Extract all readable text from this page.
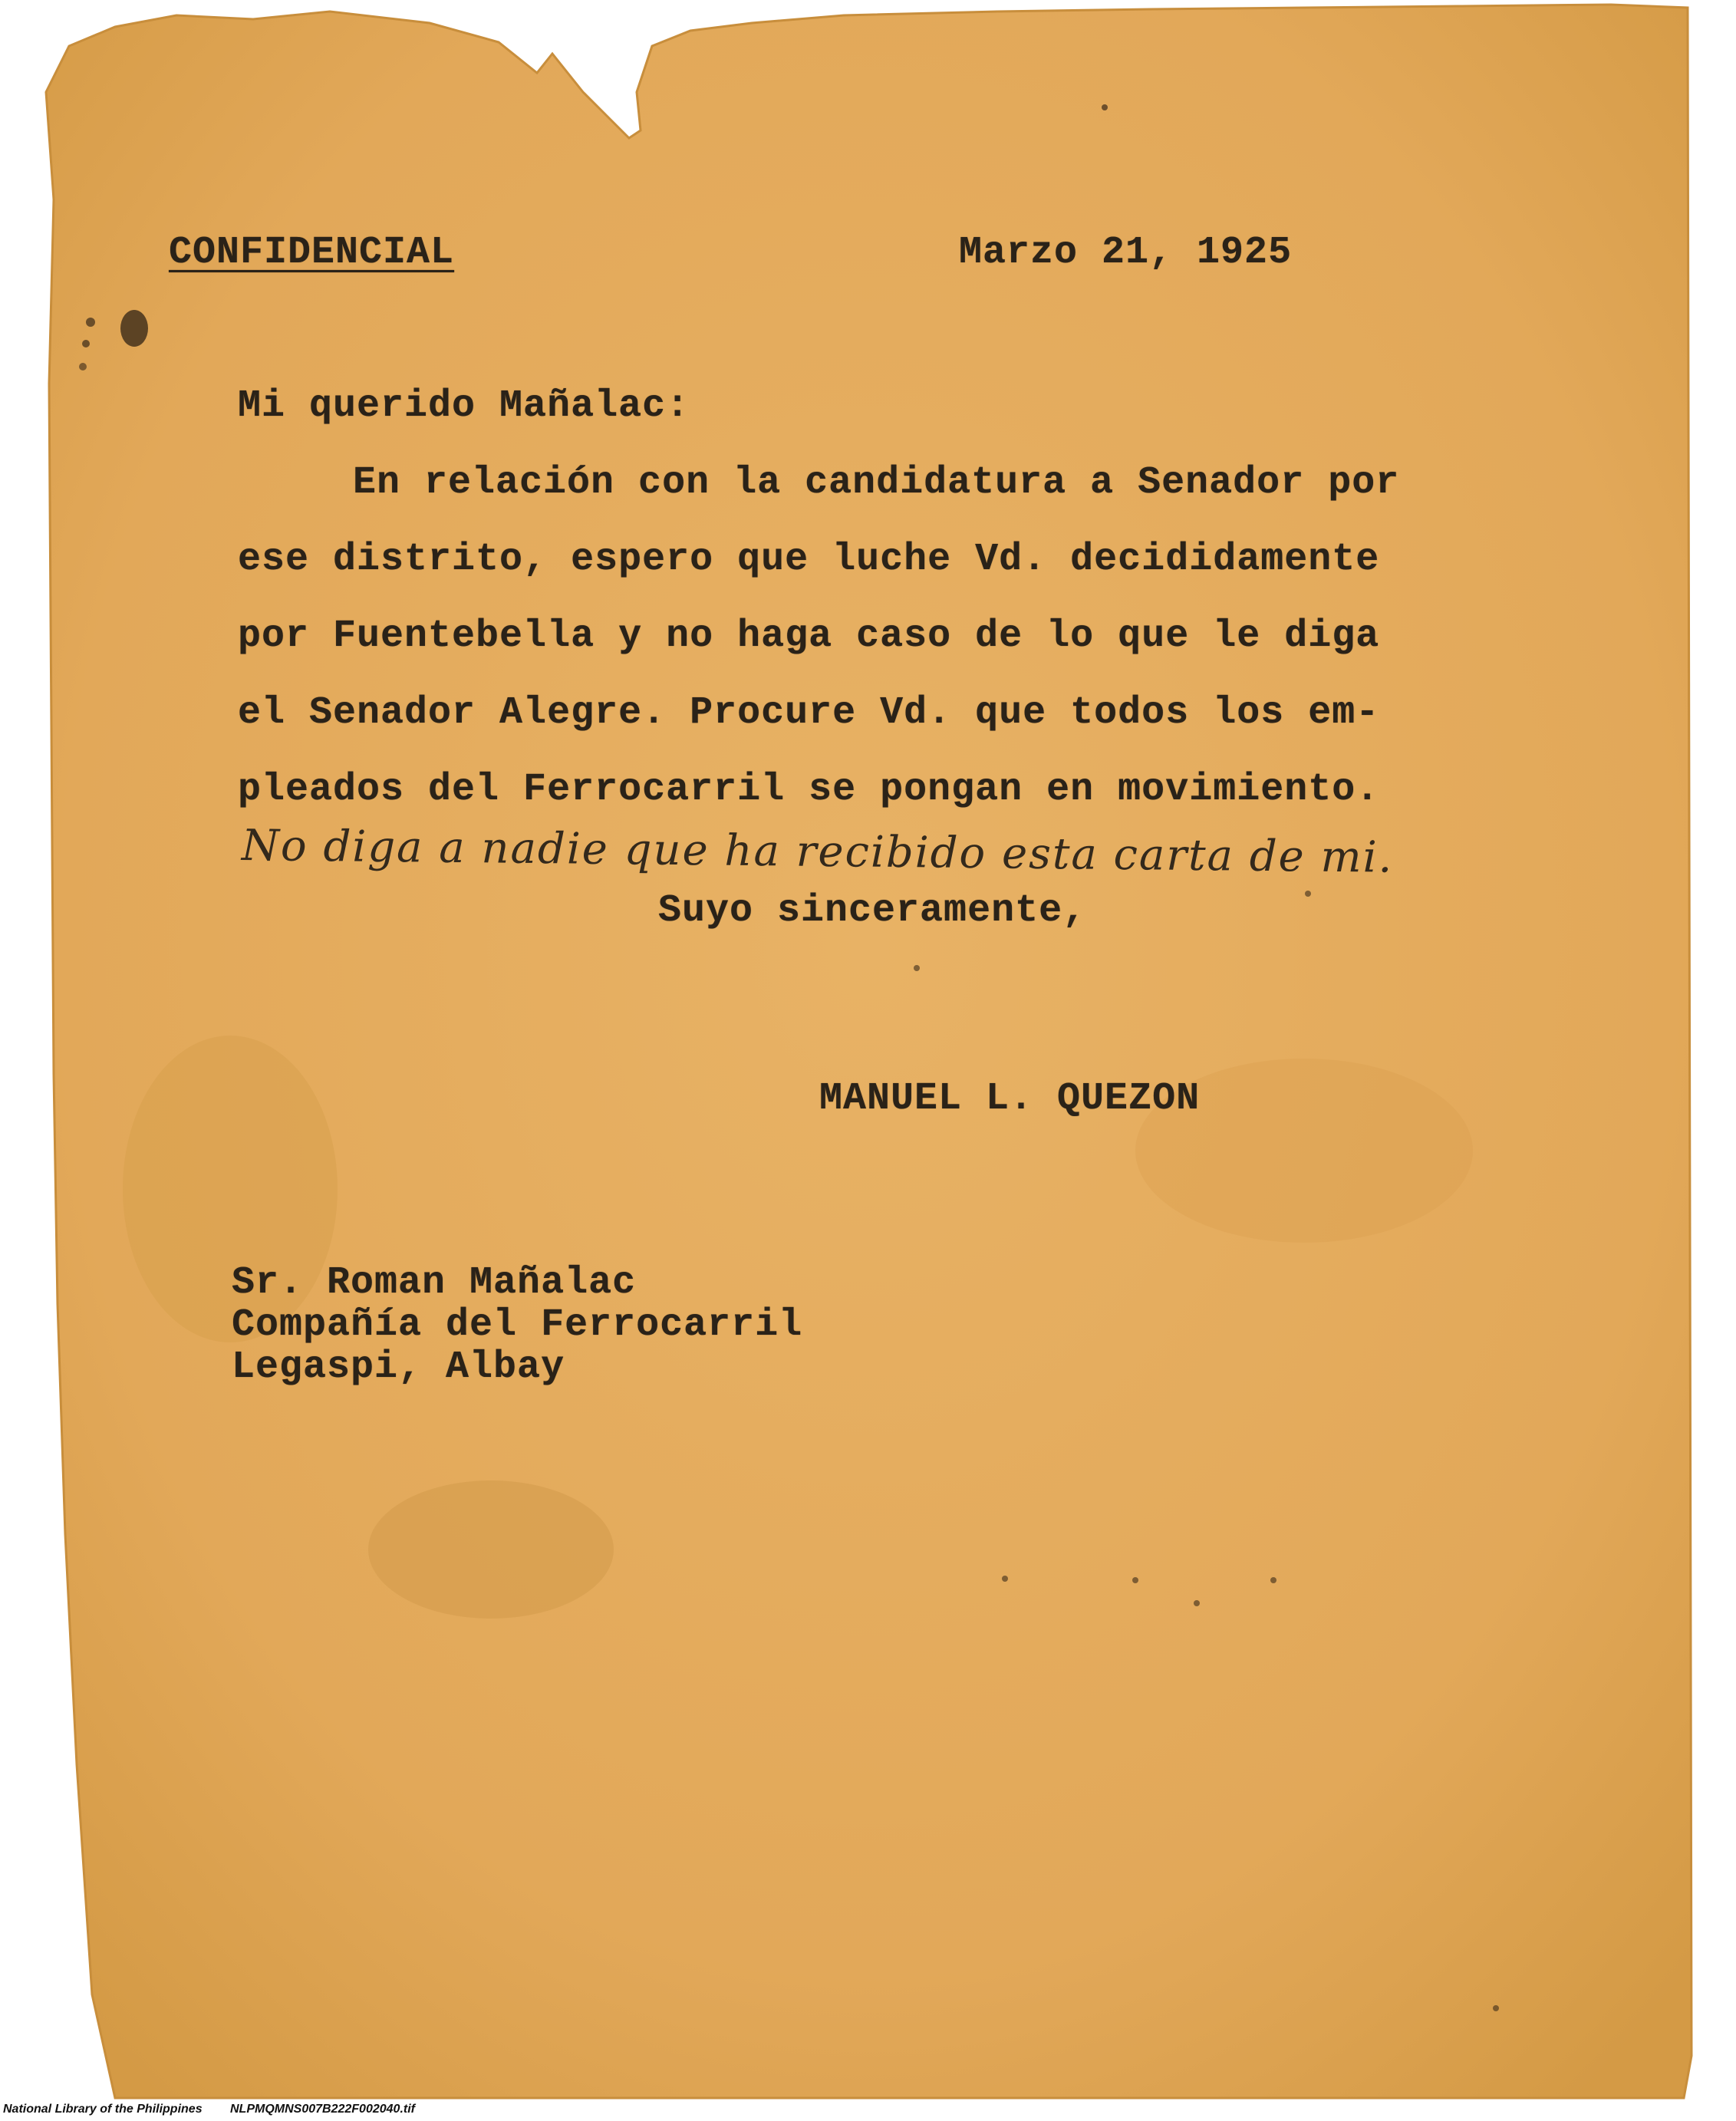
CONFIDENCIAL	Marzo 21, 1925
Mi querido Mañalac:
En relación con la candidatura a Senador por
ese distrito, espero que luche Vd. decididamente
por Fuentebella y no haga caso de lo que le diga
el Senador Alegre. Procure Vd. que todos los em-
pleados del Ferrocarril se pongan en movimiento.
No diga a nadie que ha recibido esta carta de mi.
Suyo sinceramente,
MANUEL L. QUEZON
Sr. Roman Mañalac
Compañía del Ferrocarril
Legaspi, Albay
National Library of the Philippines NLPMQMNS007B222F002040.tif
